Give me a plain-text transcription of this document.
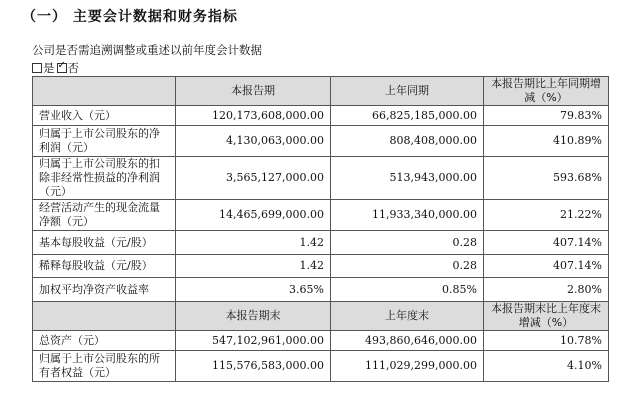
（一） 主要会计数据和财务指标
公司是否需追溯调整或重述以前年度会计数据
是 ✓ 否
	本报告期	上年同期	本报告期比上年同期增减（%）
营业收入（元）	120,173,608,000.00	66,825,185,000.00	79.83%
归属于上市公司股东的净利润（元）	4,130,063,000.00	808,408,000.00	410.89%
归属于上市公司股东的扣除非经常性损益的净利润（元）	3,565,127,000.00	513,943,000.00	593.68%
经营活动产生的现金流量净额（元）	14,465,699,000.00	11,933,340,000.00	21.22%
基本每股收益（元/股）	1.42	0.28	407.14%
稀释每股收益（元/股）	1.42	0.28	407.14%
加权平均净资产收益率	3.65%	0.85%	2.80%
	本报告期末	上年度末	本报告期末比上年度末增减（%）
总资产（元）	547,102,961,000.00	493,860,646,000.00	10.78%
归属于上市公司股东的所有者权益（元）	115,576,583,000.00	111,029,299,000.00	4.10%
